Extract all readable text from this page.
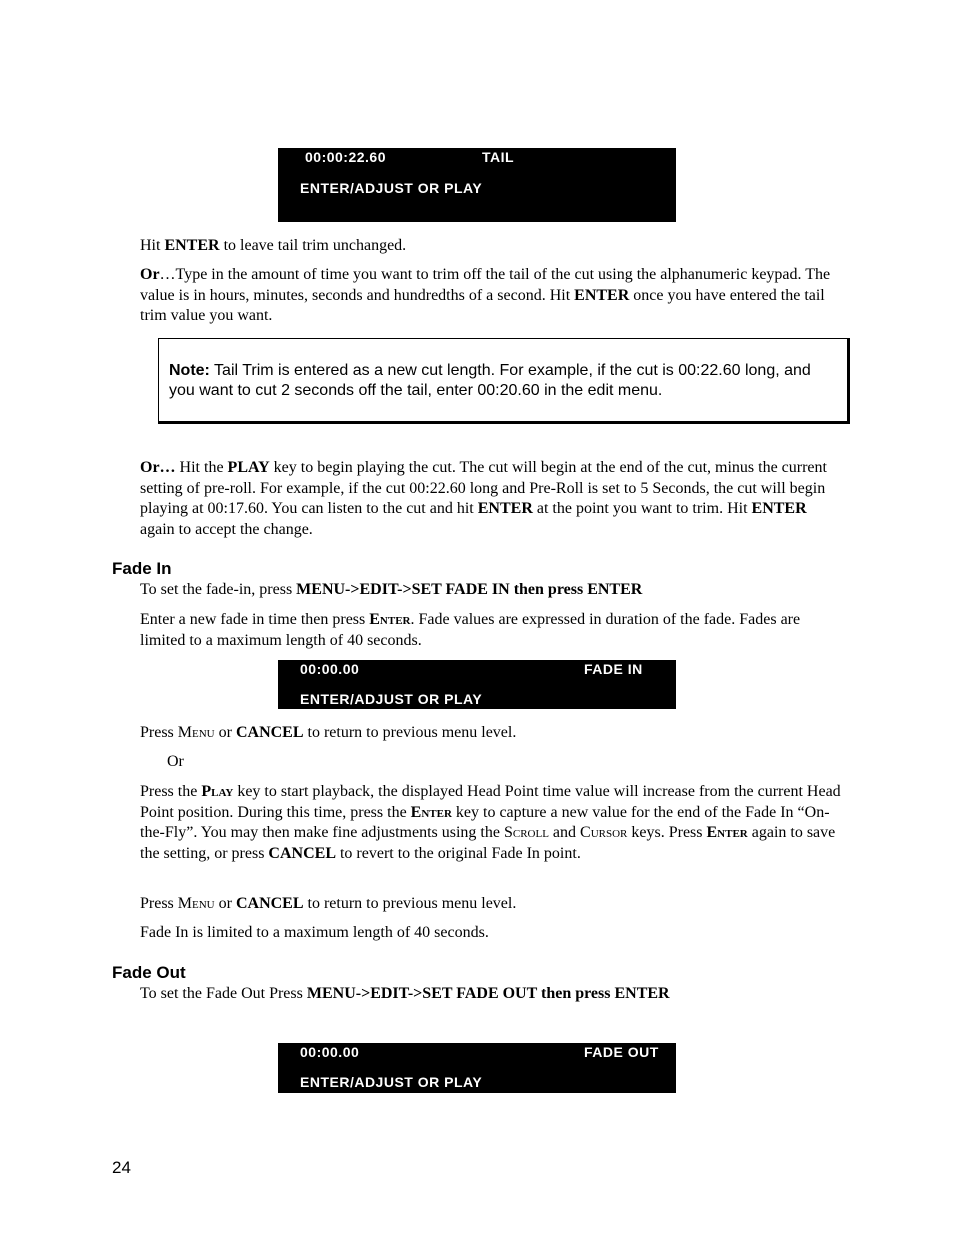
00:00:22.60	TAIL
ENTER/ADJUST OR PLAY

Hit ENTER to leave tail trim unchanged.

Or…Type in the amount of time you want to trim off the tail of the cut using the alphanumeric keypad. The value is in hours, minutes, seconds and hundredths of a second. Hit ENTER once you have entered the tail trim value you want.

Note: Tail Trim is entered as a new cut length. For example, if the cut is 00:22.60 long, and you want to cut 2 seconds off the tail, enter 00:20.60 in the edit menu.

Or… Hit the PLAY key to begin playing the cut. The cut will begin at the end of the cut, minus the current setting of pre-roll. For example, if the cut 00:22.60 long and Pre-Roll is set to 5 Seconds, the cut will begin playing at 00:17.60. You can listen to the cut and hit ENTER at the point you want to trim. Hit ENTER again to accept the change.

Fade In

To set the fade-in, press MENU->EDIT->SET FADE IN then press ENTER

Enter a new fade in time then press Enter. Fade values are expressed in duration of the fade. Fades are limited to a maximum length of 40 seconds.

00:00.00	FADE IN
ENTER/ADJUST OR PLAY

Press Menu or CANCEL to return to previous menu level.

Or

Press the Play key to start playback, the displayed Head Point time value will increase from the current Head Point position. During this time, press the Enter key to capture a new value for the end of the Fade In “On-the-Fly”. You may then make fine adjustments using the Scroll and Cursor keys. Press Enter again to save the setting, or press CANCEL to revert to the original Fade In point.

Press Menu or CANCEL to return to previous menu level.

Fade In is limited to a maximum length of 40 seconds.

Fade Out

To set the Fade Out Press MENU->EDIT->SET FADE OUT then press ENTER

00:00.00	FADE OUT
ENTER/ADJUST OR PLAY
24
